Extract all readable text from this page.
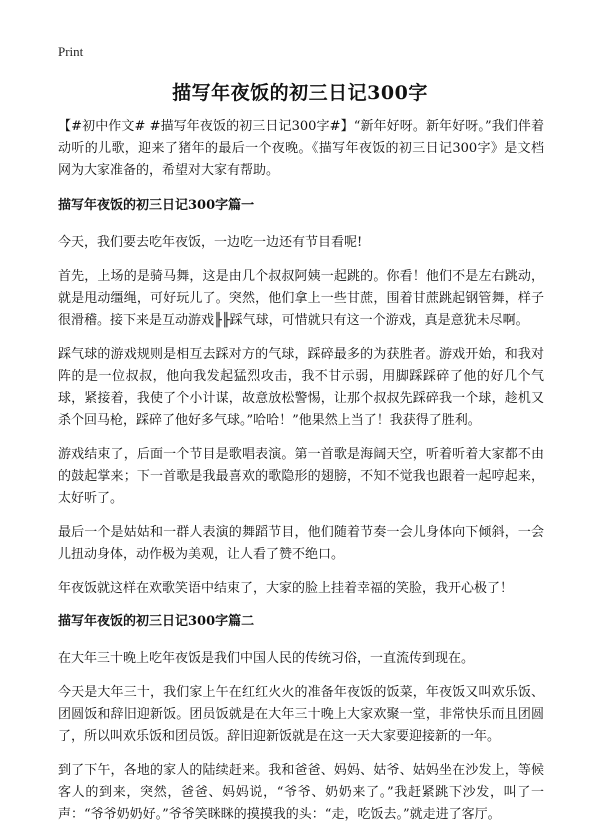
Print
描写年夜饭的初三日记300字

【#初中作文# #描写年夜饭的初三日记300字#】“新年好呀。新年好呀。”我们伴着动听的儿歌，迎来了猪年的最后一个夜晚。《描写年夜饭的初三日记300字》是文档网为大家准备的，希望对大家有帮助。

描写年夜饭的初三日记300字篇一

今天，我们要去吃年夜饭，一边吃一边还有节目看呢!

首先，上场的是骑马舞，这是由几个叔叔阿姨一起跳的。你看！他们不是左右跳动，就是甩动缰绳，可好玩儿了。突然，他们拿上一些甘蔗，围着甘蔗跳起钢管舞，样子很滑稽。接下来是互动游戏╟╟踩气球，可惜就只有这一个游戏，真是意犹未尽啊。

踩气球的游戏规则是相互去踩对方的气球，踩碎最多的为获胜者。游戏开始，和我对阵的是一位叔叔，他向我发起猛烈攻击，我不甘示弱，用脚踩踩碎了他的好几个气球，紧接着，我使了个小计谋，故意放松警惕，让那个叔叔先踩碎我一个球，趁机又杀个回马枪，踩碎了他好多气球。”哈哈！”他果然上当了！我获得了胜利。

游戏结束了，后面一个节目是歌唱表演。第一首歌是海阔天空，听着听着大家都不由的鼓起掌来；下一首歌是我最喜欢的歌隐形的翅膀，不知不觉我也跟着一起哼起来，太好听了。

最后一个是姑姑和一群人表演的舞蹈节目，他们随着节奏一会儿身体向下倾斜，一会儿扭动身体，动作极为美观，让人看了赞不绝口。

年夜饭就这样在欢歌笑语中结束了，大家的脸上挂着幸福的笑脸，我开心极了！

描写年夜饭的初三日记300字篇二

在大年三十晚上吃年夜饭是我们中国人民的传统习俗，一直流传到现在。

今天是大年三十，我们家上午在红红火火的准备年夜饭的饭菜，年夜饭又叫欢乐饭、团圆饭和辞旧迎新饭。团员饭就是在大年三十晚上大家欢聚一堂，非常快乐而且团圆了，所以叫欢乐饭和团员饭。辞旧迎新饭就是在这一天大家要迎接新的一年。

到了下午，各地的家人的陆续赶来。我和爸爸、妈妈、姑爷、姑妈坐在沙发上，等候客人的到来，突然，爸爸、妈妈说，“爷爷、奶奶来了。”我赶紧跳下沙发，叫了一声：“爷爷奶奶好。”爷爷笑眯眯的摸摸我的头：“走，吃饭去。”就走进了客厅。
